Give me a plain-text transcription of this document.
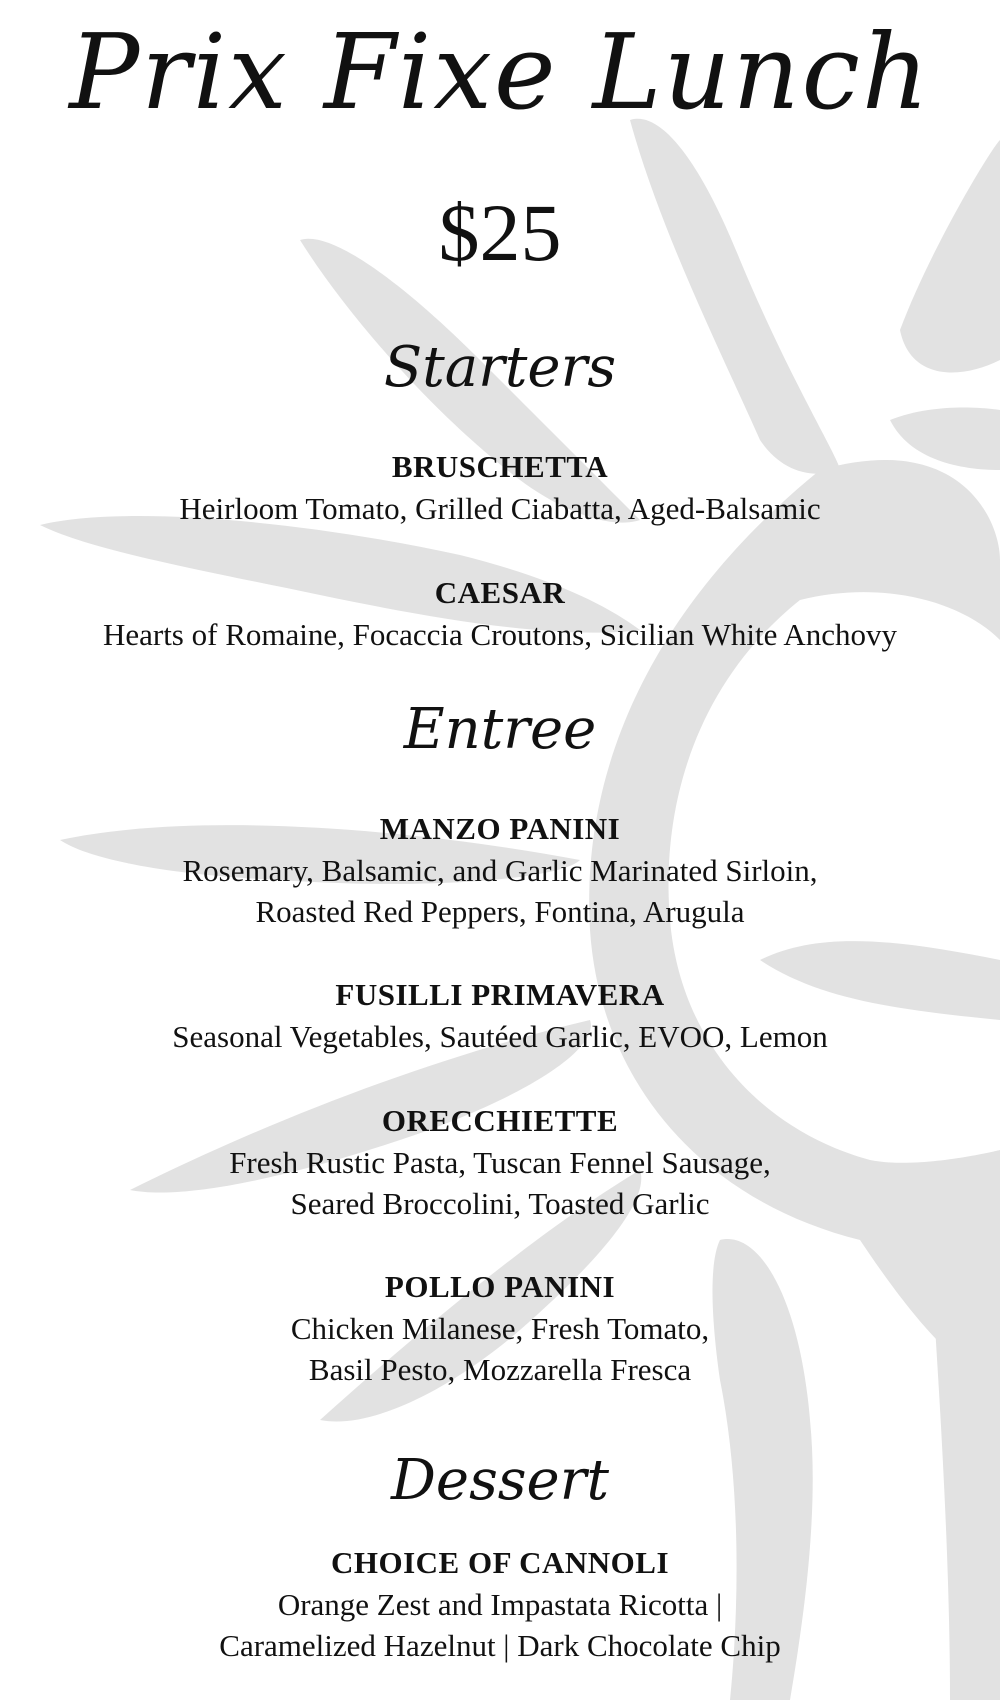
Prix Fixe Lunch
$25
Starters
BRUSCHETTA
Heirloom Tomato, Grilled Ciabatta, Aged-Balsamic
CAESAR
Hearts of Romaine, Focaccia Croutons, Sicilian White Anchovy
Entree
MANZO PANINI
Rosemary, Balsamic, and Garlic Marinated Sirloin,
Roasted Red Peppers, Fontina, Arugula
FUSILLI PRIMAVERA
Seasonal Vegetables, Sautéed Garlic, EVOO, Lemon
ORECCHIETTE
Fresh Rustic Pasta, Tuscan Fennel Sausage,
Seared Broccolini, Toasted Garlic
POLLO PANINI
Chicken Milanese, Fresh Tomato,
Basil Pesto, Mozzarella Fresca
Dessert
CHOICE OF CANNOLI
Orange Zest and Impastata Ricotta |
Caramelized Hazelnut | Dark Chocolate Chip
